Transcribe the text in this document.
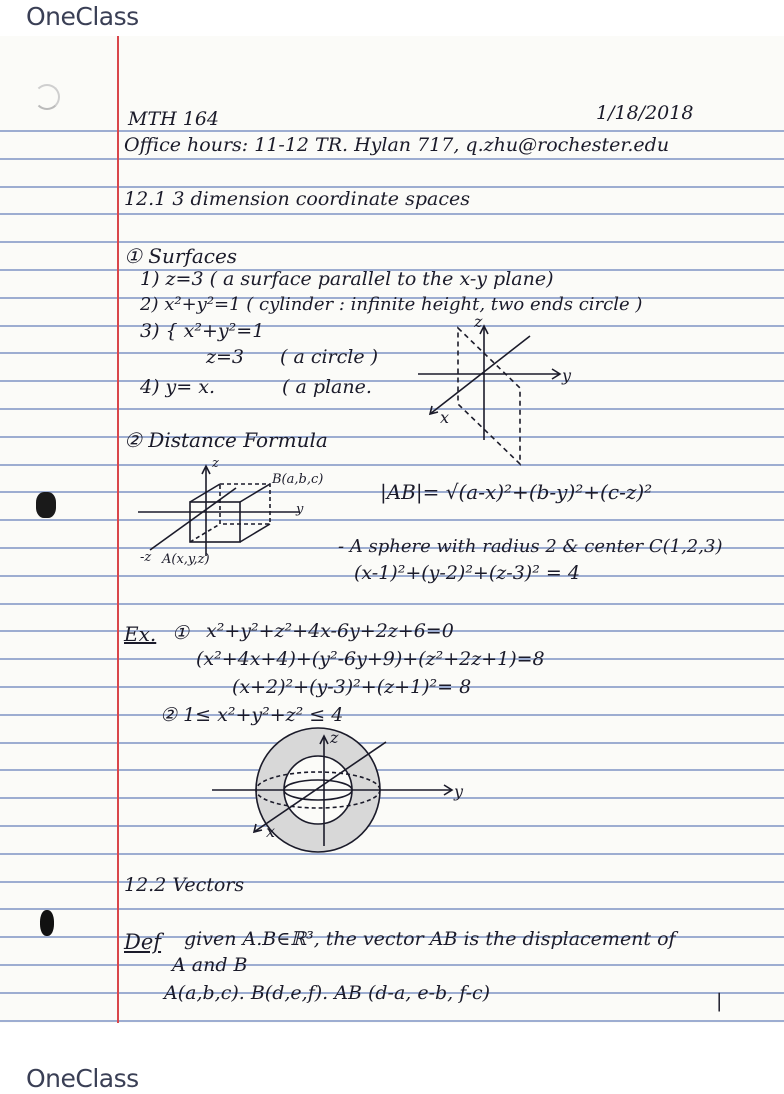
OneClass
MTH 164	1/18/2018
Office hours: 11-12 TR. Hylan 717, q.zhu@rochester.edu
12.1 3 dimension coordinate spaces
① Surfaces
1) z=3 ( a surface parallel to the x-y plane)
2) x²+y²=1 ( cylinder : infinite height, two ends circle )
3) { x²+y²=1
z=3 ( a circle )
4) y= x.	( a plane.
z
y
x
② Distance Formula
z
B(a,b,c)
y
-z A(x,y,z)
|AB|= √(a-x)²+(b-y)²+(c-z)²
- A sphere with radius 2 & center C(1,2,3)
(x-1)²+(y-2)²+(z-3)² = 4
Ex. ① x²+y²+z²+4x-6y+2z+6=0
(x²+4x+4)+(y²-6y+9)+(z²+2z+1)=8
(x+2)²+(y-3)²+(z+1)²= 8
② 1≤ x²+y²+z² ≤ 4
z
y
x
12.2 Vectors
Def given A.B∈ℝ³, the vector AB is the displacement of
A and B
A(a,b,c). B(d,e,f). AB (d-a, e-b, f-c)	|
OneClass
